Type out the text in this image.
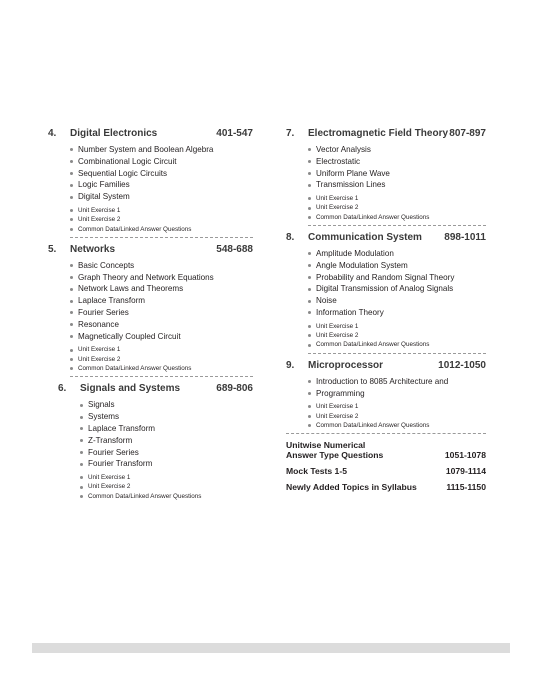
4.	Digital Electronics	401-547
Number System and Boolean Algebra
Combinational Logic Circuit
Sequential Logic Circuits
Logic Families
Digital System
Unit Exercise 1
Unit Exercise 2
Common Data/Linked Answer Questions
5.	Networks	548-688
Basic Concepts
Graph Theory and Network Equations
Network Laws and Theorems
Laplace Transform
Fourier Series
Resonance
Magnetically Coupled Circuit
Unit Exercise 1
Unit Exercise 2
Common Data/Linked Answer Questions
6.	Signals and Systems	689-806
Signals
Systems
Laplace Transform
Z-Transform
Fourier Series
Fourier Transform
Unit Exercise 1
Unit Exercise 2
Common Data/Linked Answer Questions
7.	Electromagnetic Field Theory 807-897
Vector Analysis
Electrostatic
Uniform Plane Wave
Transmission Lines
Unit Exercise 1
Unit Exercise 2
Common Data/Linked Answer Questions
8.	Communication System	898-1011
Amplitude Modulation
Angle Modulation System
Probability and Random Signal Theory
Digital Transmission of Analog Signals
Noise
Information Theory
Unit Exercise 1
Unit Exercise 2
Common Data/Linked Answer Questions
9.	Microprocessor	1012-1050
Introduction to 8085 Architecture and
Programming
Unit Exercise 1
Unit Exercise 2
Common Data/Linked Answer Questions
Unitwise Numerical
Answer Type Questions	1051-1078
Mock Tests 1-5	1079-1114
Newly Added Topics in Syllabus	1115-1150
